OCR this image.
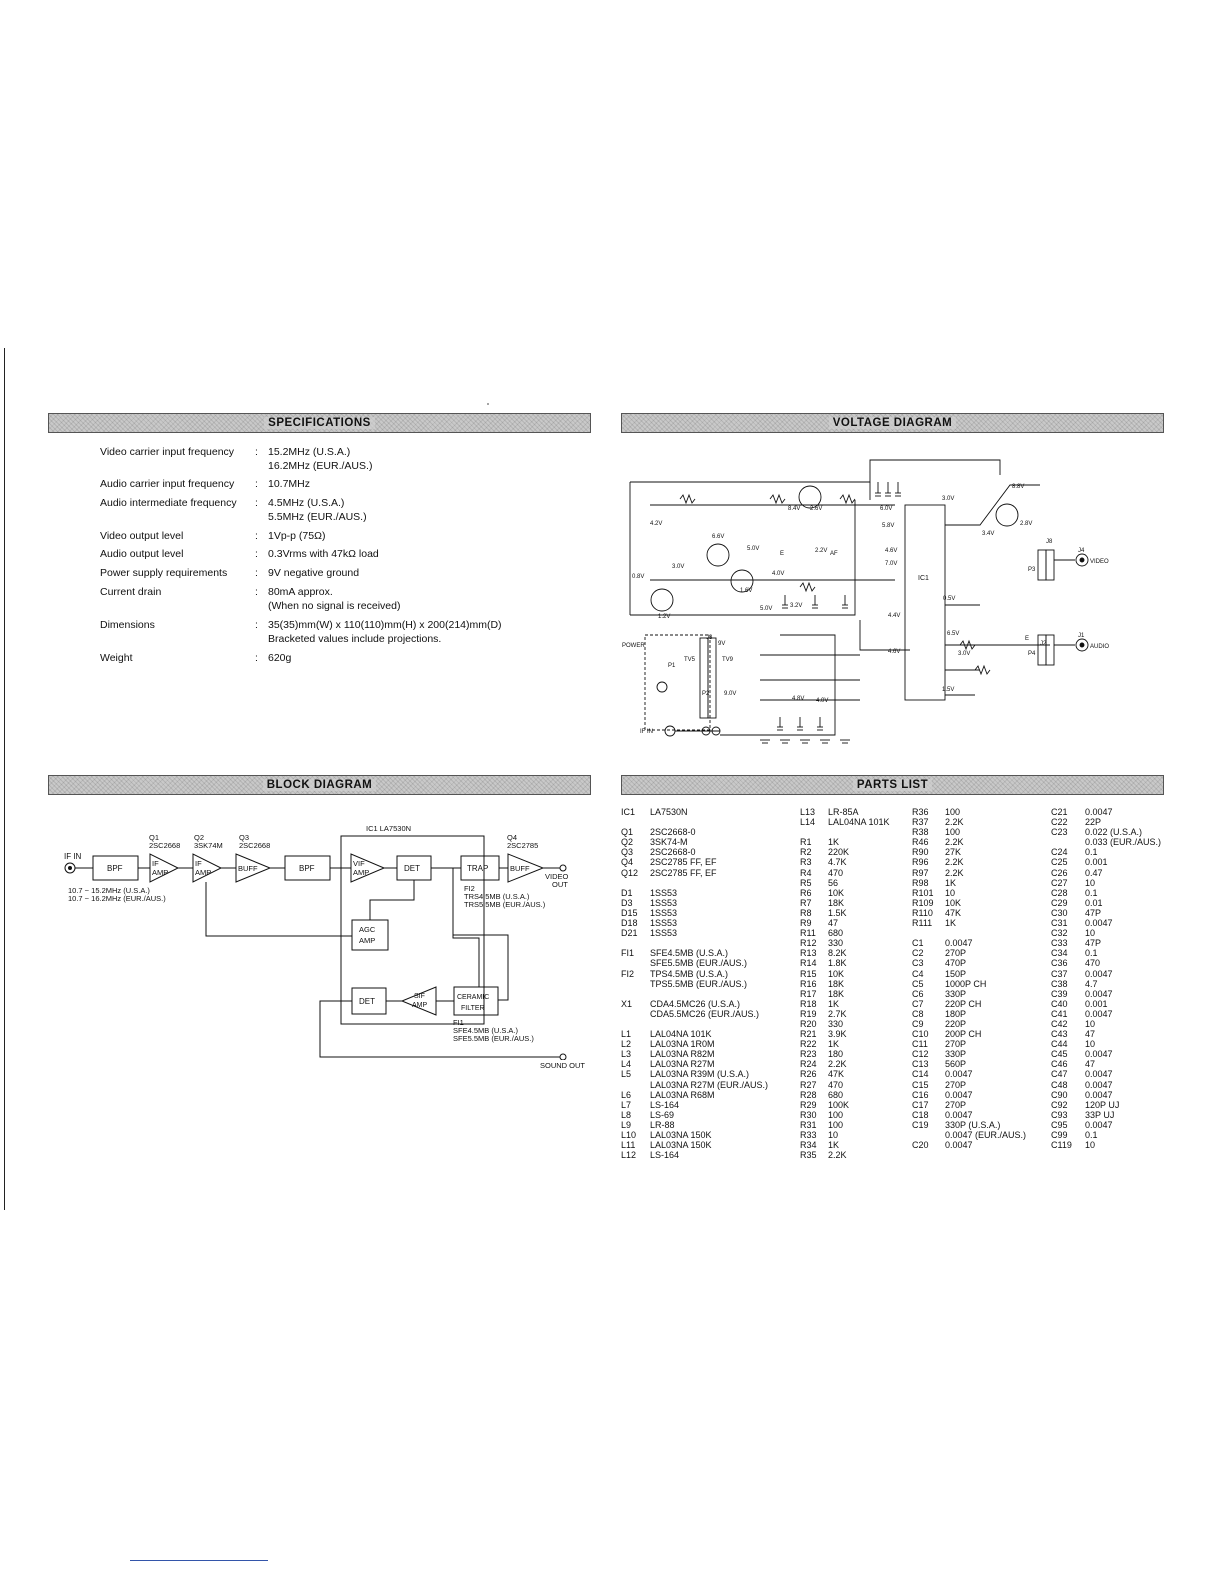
SPECIFICATIONS	VOLTAGE DIAGRAM
BLOCK DIAGRAM	PARTS LIST
Video carrier input frequency	: 15.2MHz (U.S.A.)
16.2MHz (EUR./AUS.)
Audio carrier input frequency	: 10.7MHz
Audio intermediate frequency	: 4.5MHz (U.S.A.)
5.5MHz (EUR./AUS.)
Video output level	: 1Vp-p (75Ω)
Audio output level	: 0.3Vrms with 47kΩ load
Power supply requirements	: 9V negative ground
Current drain	: 80mA approx.
(When no signal is received)
Dimensions	: 35(35)mm(W) x 110(110)mm(H) x 200(214)mm(D)
Bracketed values include projections.
Weight	: 620g
IF IN
BPF
IF
AMP
IF
AMP	BUFF	BPF
Q1
2SC2668
Q2
3SK74M
Q3
2SC2668
10.7 ~ 15.2MHz (U.S.A.)
10.7 ~ 16.2MHz (EUR./AUS.)
IC1 LA7530N
VIF
AMP	DET	TRAP	BUFF
Q4
2SC2785
VIDEO
OUT
FI2
TRS4.5MB (U.S.A.)
TRS5.5MB (EUR./AUS.)
AGC
AMP
CERAMIC
FILTER
SIF
AMP
DET
FI1
SFE4.5MB (U.S.A.)
SFE5.5MB (EUR./AUS.)
SOUND OUT
IC1
POWER
VIDEO
AUDIO
IF IN
4.2V
8.4V 2.6V	6.0V
3.0V
8.8V
2.8V
3.4V
5.8V
4.6V
7.0V
5.0V
6.6V
3.0V
0.8V	4.0V
1.6V
5.0V
1.2V
2.2V
3.2V
0.5V
4.4V
6.5V
3.0V
4.6V
1.5V
9.0V
4.8V 4.0V
9V
TV5	TV9
P1
P2
J3
J4
J1
J2
J8
P3
P4
E
E	AF
IC1 LA7530N
Q1 2SC2668-0
Q2 3SK74-M
Q3 2SC2668-0
Q4 2SC2785 FF, EF
Q12 2SC2785 FF, EF
D1 1SS53
D3 1SS53
D15 1SS53
D18 1SS53
D21 1SS53
FI1 SFE4.5MB (U.S.A.)
SFE5.5MB (EUR./AUS.)
FI2 TPS4.5MB (U.S.A.)
TPS5.5MB (EUR./AUS.)
X1 CDA4.5MC26 (U.S.A.)
CDA5.5MC26 (EUR./AUS.)
L1 LAL04NA 101K
L2 LAL03NA 1R0M
L3 LAL03NA R82M
L4 LAL03NA R27M
L5 LAL03NA R39M (U.S.A.)
LAL03NA R27M (EUR./AUS.)
L6 LAL03NA R68M
L7 LS-164
L8 LS-69
L9 LR-88
L10 LAL03NA 150K
L11 LAL03NA 150K
L12 LS-164
L13 LR-85A
L14 LAL04NA 101K
R1 1K
R2 220K
R3 4.7K
R4 470
R5 56
R6 10K
R7 18K
R8 1.5K
R9 47
R11 680
R12 330
R13 8.2K
R14 1.8K
R15 10K
R16 18K
R17 18K
R18 1K
R19 2.7K
R20 330
R21 3.9K
R22 1K
R23 180
R24 2.2K
R26 47K
R27 470
R28 680
R29 100K
R30 100
R31 100
R33 10
R34 1K
R35 2.2K
R36 100
R37 2.2K
R38 100
R46 2.2K
R90 27K
R96 2.2K
R97 2.2K
R98 1K
R101 10
R109 10K
R110 47K
R111 1K
C1 0.0047
C2 270P
C3 470P
C4 150P
C5 1000P CH
C6 330P
C7 220P CH
C8 180P
C9 220P
C10 200P CH
C11 270P
C12 330P
C13 560P
C14 0.0047
C15 270P
C16 0.0047
C17 270P
C18 0.0047
C19 330P (U.S.A.)
0.0047 (EUR./AUS.)
C20 0.0047
C21 0.0047
C22 22P
C23 0.022 (U.S.A.)
0.033 (EUR./AUS.)
C24 0.1
C25 0.001
C26 0.47
C27 10
C28 0.1
C29 0.01
C30 47P
C31 0.0047
C32 10
C33 47P
C34 0.1
C36 470
C37 0.0047
C38 4.7
C39 0.0047
C40 0.001
C41 0.0047
C42 10
C43 47
C44 10
C45 0.0047
C46 47
C47 0.0047
C48 0.0047
C90 0.0047
C92 120P UJ
C93 33P UJ
C95 0.0047
C99 0.1
C119 10
